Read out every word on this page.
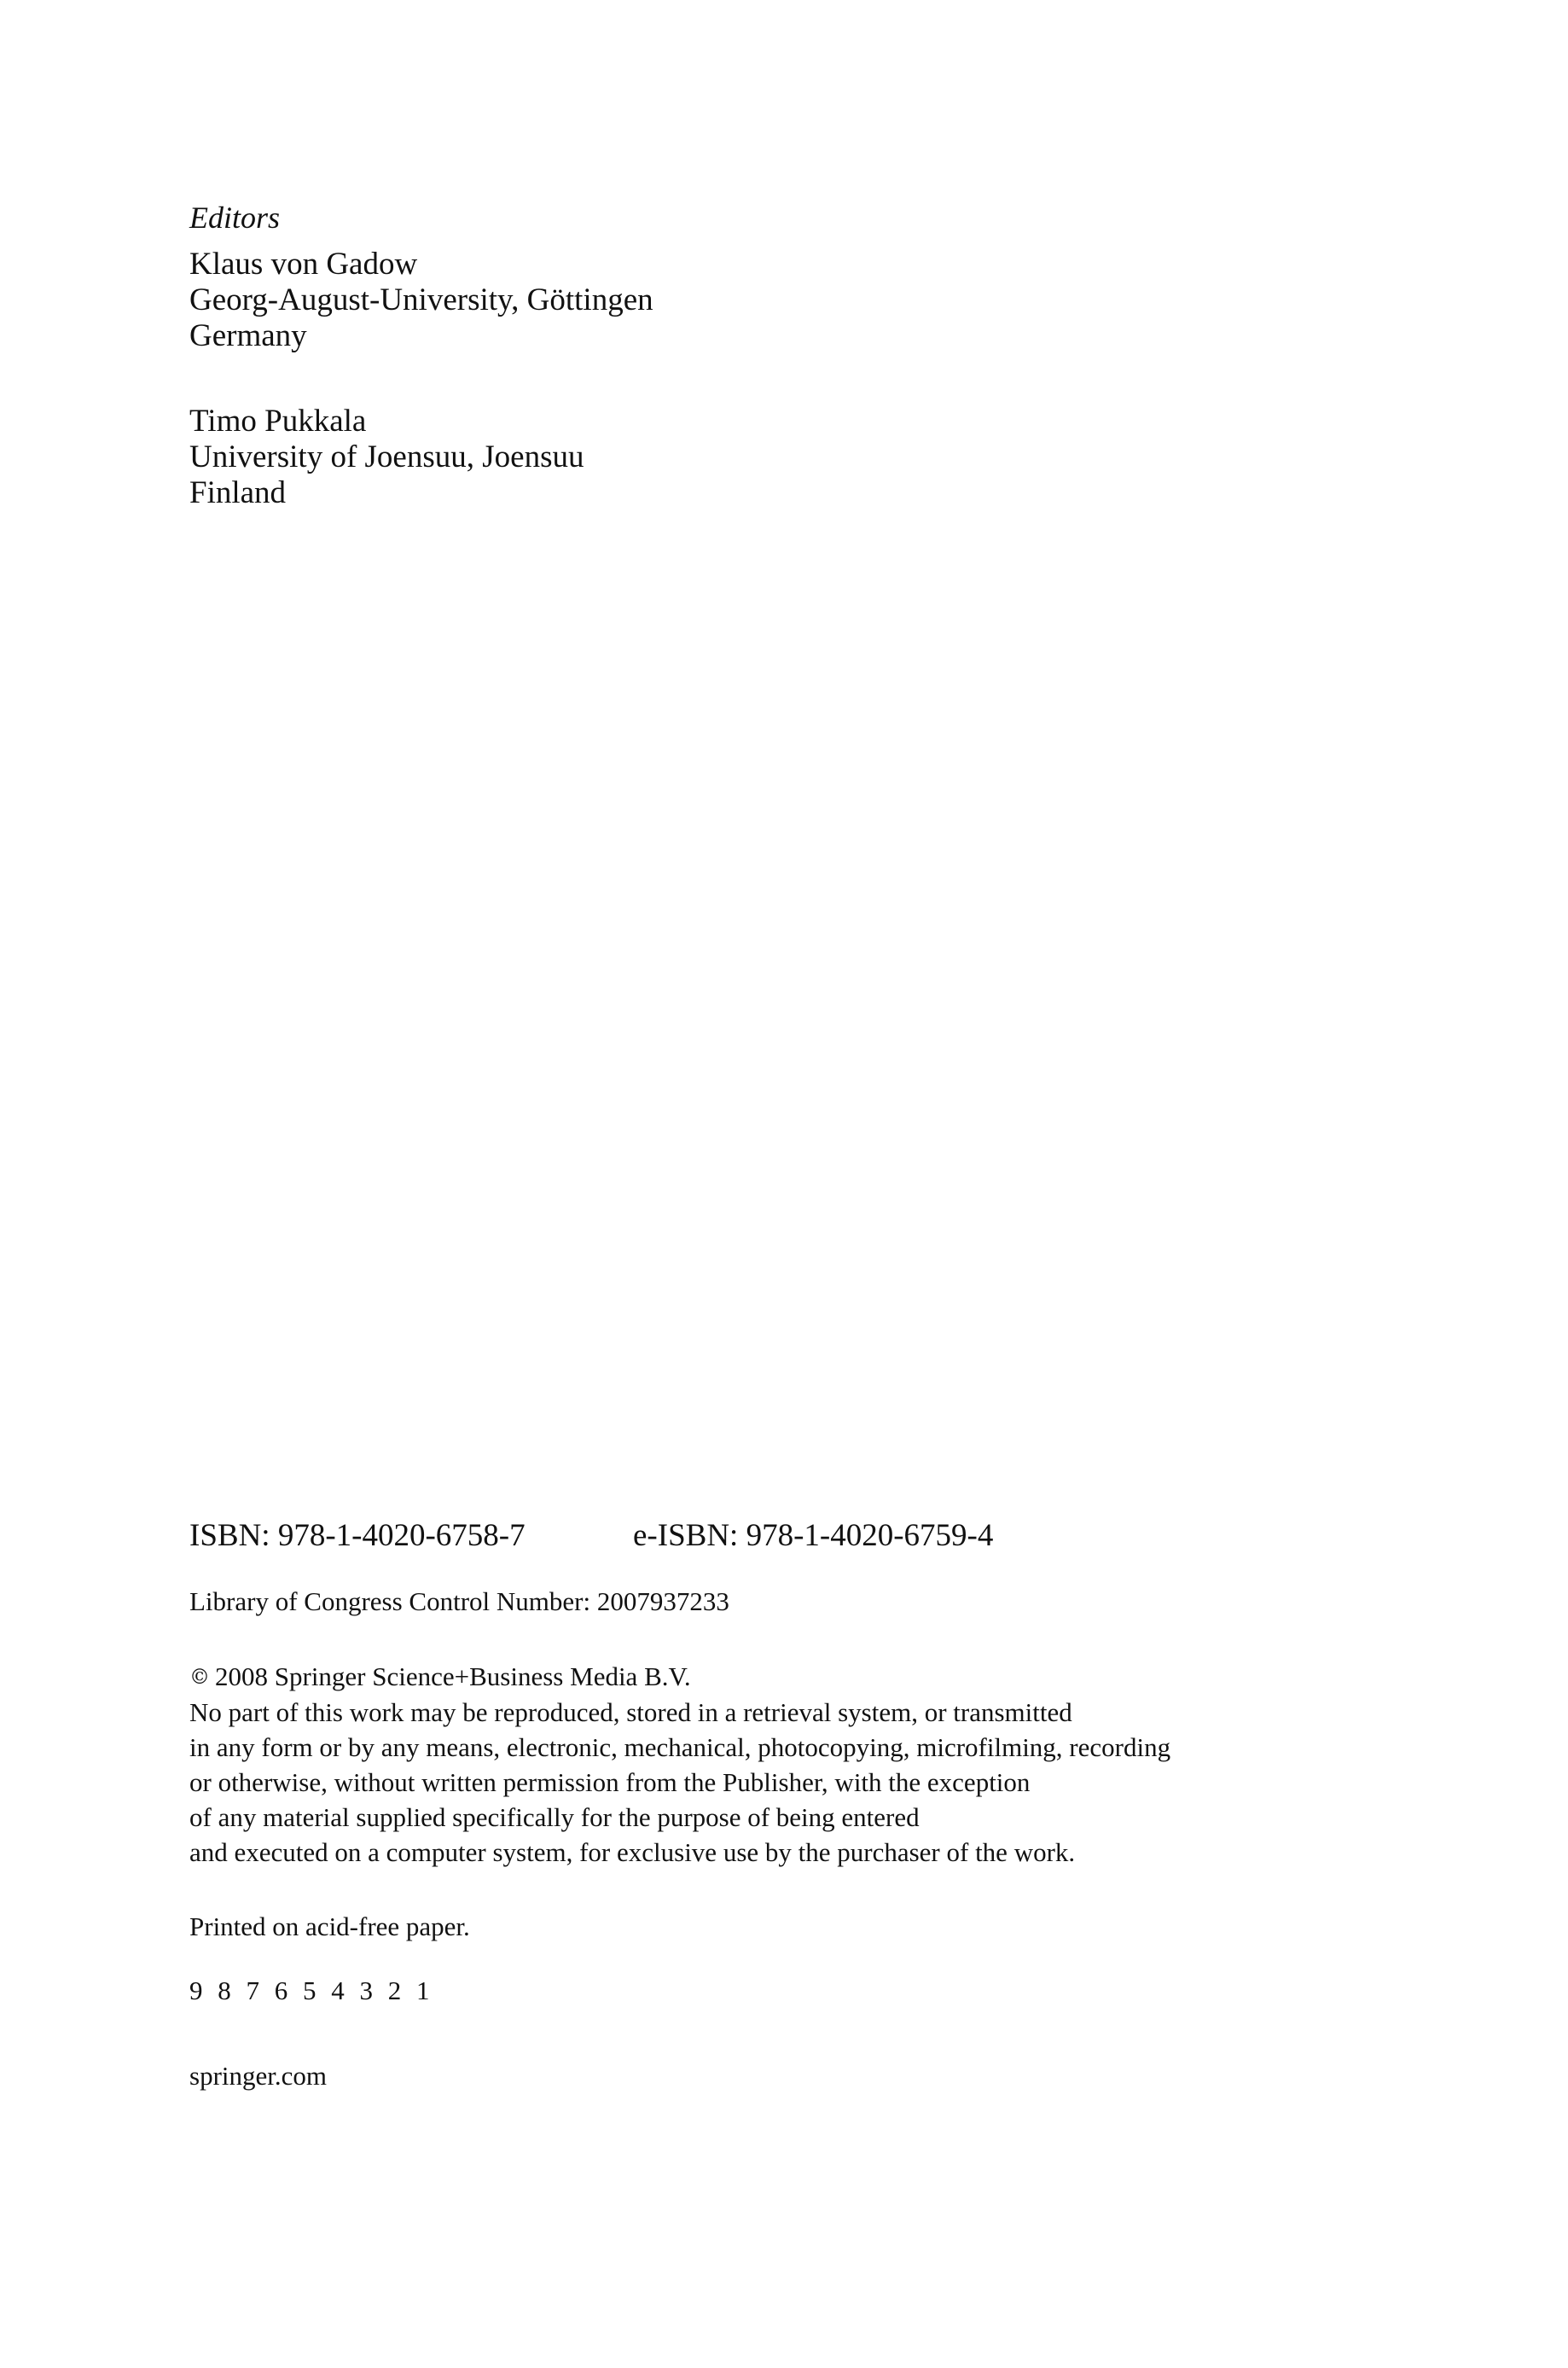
Editors
Klaus von Gadow
Georg-August-University, Göttingen
Germany
Timo Pukkala
University of Joensuu, Joensuu
Finland
ISBN: 978-1-4020-6758-7	e-ISBN: 978-1-4020-6759-4
Library of Congress Control Number: 2007937233
© 2008 Springer Science+Business Media B.V.
No part of this work may be reproduced, stored in a retrieval system, or transmitted
in any form or by any means, electronic, mechanical, photocopying, microfilming, recording
or otherwise, without written permission from the Publisher, with the exception
of any material supplied specifically for the purpose of being entered
and executed on a computer system, for exclusive use by the purchaser of the work.
Printed on acid-free paper.
9 8 7 6 5 4 3 2 1
springer.com
